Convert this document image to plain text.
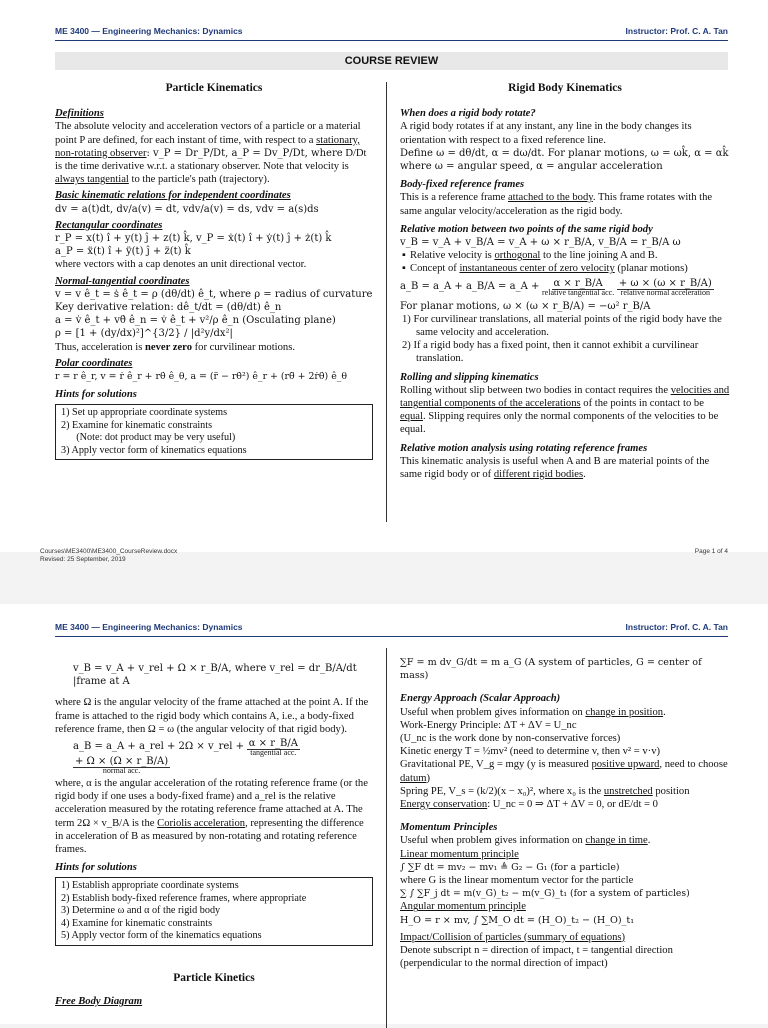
ME 3400 — Engineering Mechanics: Dynamics	Instructor: Prof. C. A. Tan
COURSE REVIEW
Particle Kinematics
Definitions
The absolute velocity and acceleration vectors of a particle or a material point P are defined, for each instant of time, with respect to a stationary, non-rotating observer: v_P = Dr_P/Dt, a_P = Dv_P/Dt, where D/Dt is the time derivative w.r.t. a stationary observer. Note that velocity is always tangential to the particle's path (trajectory).
Basic kinematic relations for independent coordinates
dv = a(t)dt, dv/a(v) = dt, vdv/a(v) = ds, vdv = a(s)ds
Rectangular coordinates
r_P = x(t) î + y(t) ĵ + z(t) k̂, v_P = ẋ(t) î + ẏ(t) ĵ + ż(t) k̂
a_P = ẍ(t) î + ÿ(t) ĵ + z̈(t) k̂
where vectors with a cap denotes an unit directional vector.
Normal-tangential coordinates
v = v ê_t = ṡ ê_t = ρ (dθ/dt) ê_t, where ρ = radius of curvature
Key derivative relation: dê_t/dt = (dθ/dt) ê_n
a = v̇ ê_t + vθ̇ ê_n = v̇ ê_t + v²/ρ ê_n (Osculating plane)
ρ = [1 + (dy/dx)²]^{3/2} / |d²y/dx²|
Thus, acceleration is never zero for curvilinear motions.
Polar coordinates
r = r ê_r, v = ṙ ê_r + rθ̇ ê_θ, a = (r̈ − rθ̇²) ê_r + (rθ̈ + 2ṙθ̇) ê_θ
Hints for solutions
1) Set up appropriate coordinate systems
2) Examine for kinematic constraints
(Note: dot product may be very useful)
3) Apply vector form of kinematics equations
Rigid Body Kinematics
When does a rigid body rotate?
A rigid body rotates if at any instant, any line in the body changes its orientation with respect to a fixed reference line.
Define ω = dθ/dt, α = dω/dt. For planar motions, ω = ωk̂, α = αk̂
where ω = angular speed, α = angular acceleration
Body-fixed reference frames
This is a reference frame attached to the body. This frame rotates with the same angular velocity/acceleration as the rigid body.
Relative motion between two points of the same rigid body
v_B = v_A + v_B/A = v_A + ω × r_B/A, v_B/A = r_B/A ω
▪ Relative velocity is orthogonal to the line joining A and B.
▪ Concept of instantaneous center of zero velocity (planar motions)
a_B = a_A + a_B/A = a_A + α × r_B/A
relative tangential acc. + ω × (ω × r_B/A)
relative normal acceleration
For planar motions, ω × (ω × r_B/A) = −ω² r_B/A
1) For curvilinear translations, all material points of the rigid body have the same velocity and acceleration.
2) If a rigid body has a fixed point, then it cannot exhibit a curvilinear translation.
Rolling and slipping kinematics
Rolling without slip between two bodies in contact requires the velocities and tangential components of the accelerations of the points in contact to be equal. Slipping requires only the normal components of the velocities to be equal.
Relative motion analysis using rotating reference frames
This kinematic analysis is useful when A and B are material points of the same rigid body or of different rigid bodies.
Courses\ME3400\ME3400_CourseReview.docx
Revised: 25 September, 2019
Page 1 of 4
ME 3400 — Engineering Mechanics: Dynamics	Instructor: Prof. C. A. Tan
v_B = v_A + v_rel + Ω × r_B/A, where v_rel = dr_B/A/dt |frame at A
where Ω is the angular velocity of the frame attached at the point A. If the frame is attached to the rigid body which contains A, i.e., a body-fixed reference frame, then Ω = ω (the angular velocity of that rigid body).
a_B = a_A + a_rel + 2Ω × v_rel + α × r_B/A
tangential acc. + Ω × (Ω × r_B/A)
normal acc.
where, α is the angular acceleration of the rotating reference frame (or the rigid body if one uses a body-fixed frame) and a_rel is the relative acceleration measured by the rotating reference frame attached at A. The term 2Ω × v_B/A is the Coriolis acceleration, representing the difference in acceleration of B as measured by non-rotating and rotating reference frames.
Hints for solutions
1) Establish appropriate coordinate systems
2) Establish body-fixed reference frames, where appropriate
3) Determine ω and α of the rigid body
4) Examine for kinematic constraints
5) Apply vector form of the kinematics equations
Particle Kinetics
Free Body Diagram
∑F = m dv_G/dt = m a_G (A system of particles, G = center of mass)
Energy Approach (Scalar Approach)
Useful when problem gives information on change in position.
Work-Energy Principle: ΔT + ΔV = U_nc
(U_nc is the work done by non-conservative forces)
Kinetic energy T = ½mv² (need to determine v, then v² = v·v)
Gravitational PE, V_g = mgy (y is measured positive upward, need to choose datum)
Spring PE, V_s = (k/2)(x − x₀)², where x₀ is the unstretched position
Energy conservation: U_nc = 0 ⇒ ΔT + ΔV = 0, or dE/dt = 0
Momentum Principles
Useful when problem gives information on change in time.
Linear momentum principle
∫ ∑F dt = mv₂ − mv₁ ≜ G₂ − G₁ (for a particle)
where G is the linear momentum vector for the particle
∑ ∫ ∑F_j dt = m(v_G)_t₂ − m(v_G)_t₁ (for a system of particles)
Angular momentum principle
H_O = r × mv, ∫ ∑M_O dt = (H_O)_t₂ − (H_O)_t₁
Impact/Collision of particles (summary of equations)
Denote subscript n = direction of impact, t = tangential direction (perpendicular to the normal direction of impact)
